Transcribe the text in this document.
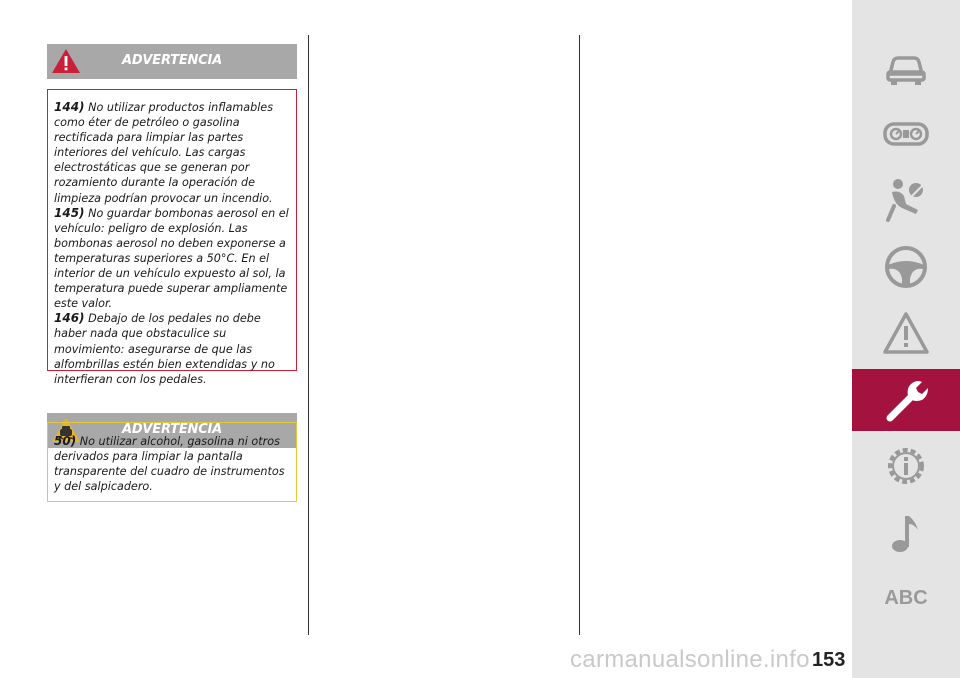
ADVERTENCIA
144) No utilizar productos inflamables como éter de petróleo o gasolina rectificada para limpiar las partes interiores del vehículo. Las cargas electrostáticas que se generan por rozamiento durante la operación de limpieza podrían provocar un incendio.
145) No guardar bombonas aerosol en el vehículo: peligro de explosión. Las bombonas aerosol no deben exponerse a temperaturas superiores a 50°C. En el interior de un vehículo expuesto al sol, la temperatura puede superar ampliamente este valor.
146) Debajo de los pedales no debe haber nada que obstaculice su movimiento: asegurarse de que las alfombrillas estén bien extendidas y no interfieran con los pedales.
ADVERTENCIA
50) No utilizar alcohol, gasolina ni otros derivados para limpiar la pantalla transparente del cuadro de instrumentos y del salpicadero.
ABC
carmanualsonline.info 153
